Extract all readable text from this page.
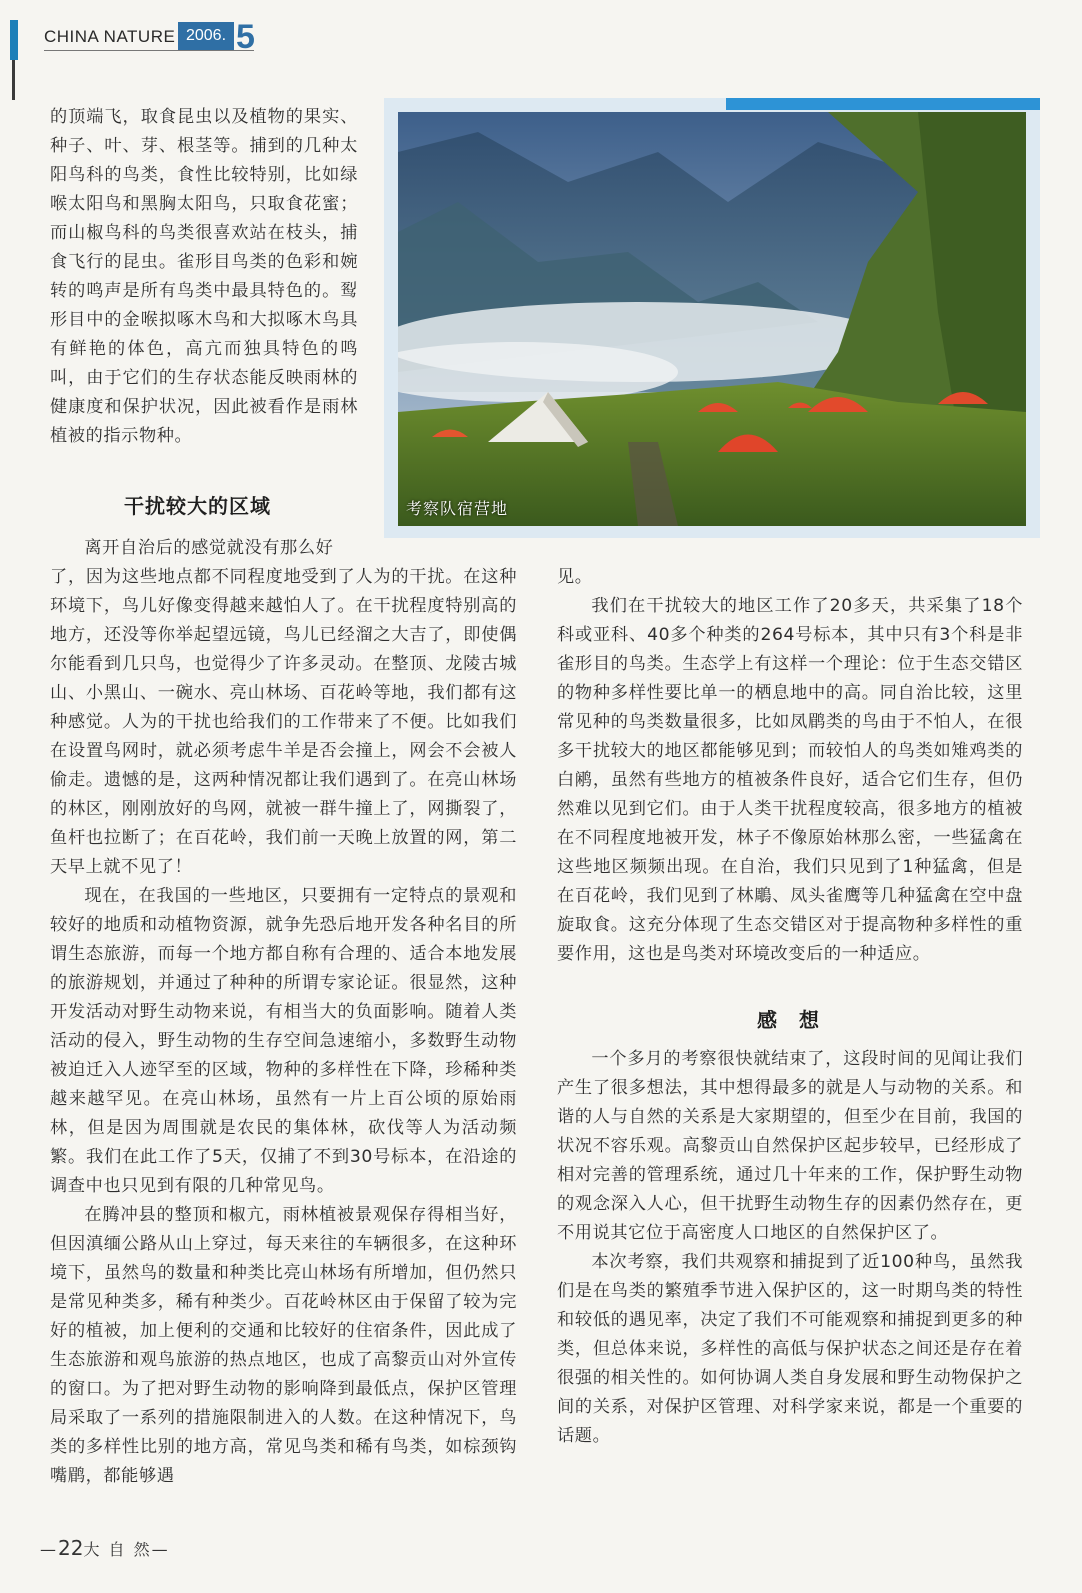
CHINA NATURE 2006. 5
考察队宿营地

的顶端飞，取食昆虫以及植物的果实、种子、叶、芽、根茎等。捕到的几种太阳鸟科的鸟类，食性比较特别，比如绿喉太阳鸟和黑胸太阳鸟，只取食花蜜；而山椒鸟科的鸟类很喜欢站在枝头，捕食飞行的昆虫。雀形目鸟类的色彩和婉转的鸣声是所有鸟类中最具特色的。䴕形目中的金喉拟啄木鸟和大拟啄木鸟具有鲜艳的体色，高亢而独具特色的鸣叫，由于它们的生存状态能反映雨林的健康度和保护状况，因此被看作是雨林植被的指示物种。

干扰较大的区域

离开自治后的感觉就没有那么好

了，因为这些地点都不同程度地受到了人为的干扰。在这种环境下，鸟儿好像变得越来越怕人了。在干扰程度特别高的地方，还没等你举起望远镜，鸟儿已经溜之大吉了，即使偶尔能看到几只鸟，也觉得少了许多灵动。在整顶、龙陵古城山、小黑山、一碗水、亮山林场、百花岭等地，我们都有这种感觉。人为的干扰也给我们的工作带来了不便。比如我们在设置鸟网时，就必须考虑牛羊是否会撞上，网会不会被人偷走。遗憾的是，这两种情况都让我们遇到了。在亮山林场的林区，刚刚放好的鸟网，就被一群牛撞上了，网撕裂了，鱼杆也拉断了；在百花岭，我们前一天晚上放置的网，第二天早上就不见了！

现在，在我国的一些地区，只要拥有一定特点的景观和较好的地质和动植物资源，就争先恐后地开发各种名目的所谓生态旅游，而每一个地方都自称有合理的、适合本地发展的旅游规划，并通过了种种的所谓专家论证。很显然，这种开发活动对野生动物来说，有相当大的负面影响。随着人类活动的侵入，野生动物的生存空间急速缩小，多数野生动物被迫迁入人迹罕至的区域，物种的多样性在下降，珍稀种类越来越罕见。在亮山林场，虽然有一片上百公顷的原始雨林，但是因为周围就是农民的集体林，砍伐等人为活动频繁。我们在此工作了5天，仅捕了不到30号标本，在沿途的调查中也只见到有限的几种常见鸟。

在腾冲县的整顶和椒亢，雨林植被景观保存得相当好，但因滇缅公路从山上穿过，每天来往的车辆很多，在这种环境下，虽然鸟的数量和种类比亮山林场有所增加，但仍然只是常见种类多，稀有种类少。百花岭林区由于保留了较为完好的植被，加上便利的交通和比较好的住宿条件，因此成了生态旅游和观鸟旅游的热点地区，也成了高黎贡山对外宣传的窗口。为了把对野生动物的影响降到最低点，保护区管理局采取了一系列的措施限制进入的人数。在这种情况下，鸟类的多样性比别的地方高，常见鸟类和稀有鸟类，如棕颈钩嘴鹛，都能够遇

见。

我们在干扰较大的地区工作了20多天，共采集了18个科或亚科、40多个种类的264号标本，其中只有3个科是非雀形目的鸟类。生态学上有这样一个理论：位于生态交错区的物种多样性要比单一的栖息地中的高。同自治比较，这里常见种的鸟类数量很多，比如凤鹛类的鸟由于不怕人，在很多干扰较大的地区都能够见到；而较怕人的鸟类如雉鸡类的白鹇，虽然有些地方的植被条件良好，适合它们生存，但仍然难以见到它们。由于人类干扰程度较高，很多地方的植被在不同程度地被开发，林子不像原始林那么密，一些猛禽在这些地区频频出现。在自治，我们只见到了1种猛禽，但是在百花岭，我们见到了林鵰、凤头雀鹰等几种猛禽在空中盘旋取食。这充分体现了生态交错区对于提高物种多样性的重要作用，这也是鸟类对环境改变后的一种适应。

感　想

一个多月的考察很快就结束了，这段时间的见闻让我们产生了很多想法，其中想得最多的就是人与动物的关系。和谐的人与自然的关系是大家期望的，但至少在目前，我国的状况不容乐观。高黎贡山自然保护区起步较早，已经形成了相对完善的管理系统，通过几十年来的工作，保护野生动物的观念深入人心，但干扰野生动物生存的因素仍然存在，更不用说其它位于高密度人口地区的自然保护区了。

本次考察，我们共观察和捕捉到了近100种鸟，虽然我们是在鸟类的繁殖季节进入保护区的，这一时期鸟类的特性和较低的遇见率，决定了我们不可能观察和捕捉到更多的种类，但总体来说，多样性的高低与保护状态之间还是存在着很强的相关性的。如何协调人类自身发展和野生动物保护之间的关系，对保护区管理、对科学家来说，都是一个重要的话题。

—22大 自 然—
